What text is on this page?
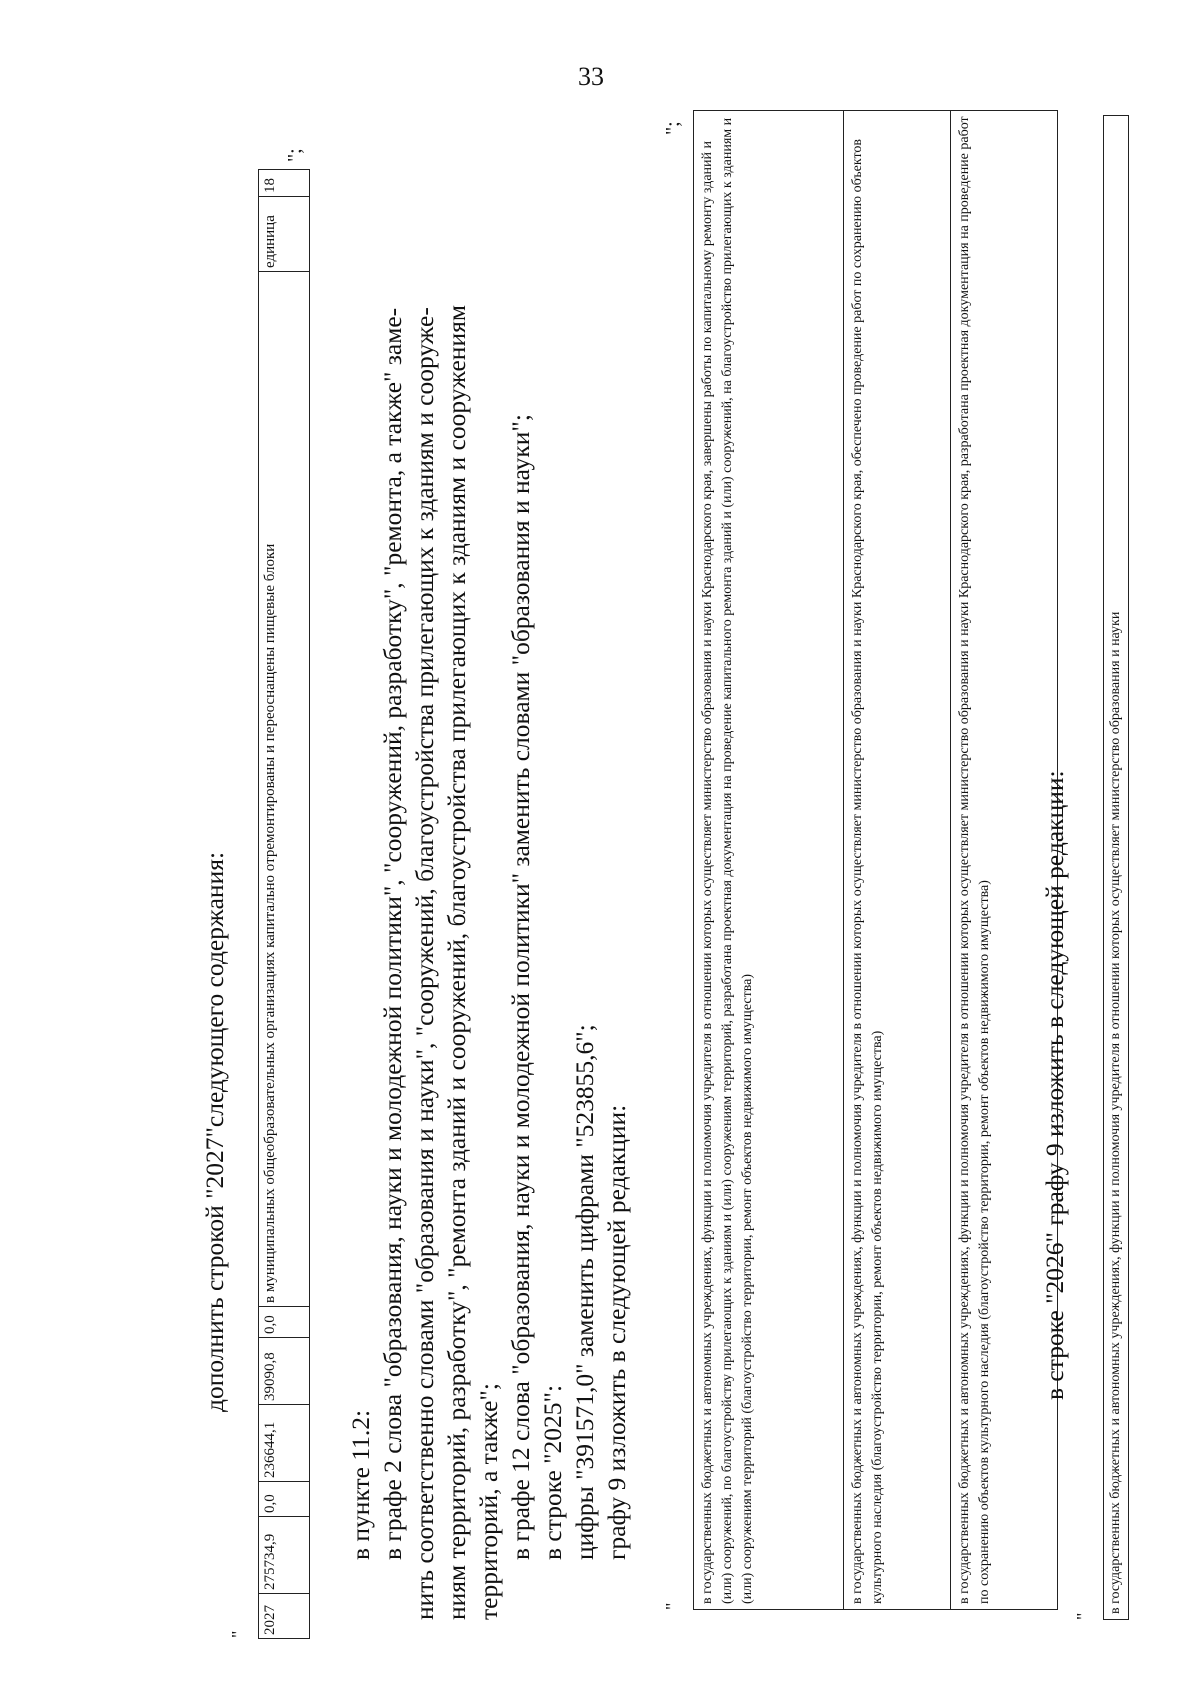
33
"
дополнить строкой "2027"следующего содержания:
2027	275734,9	0,0	236644,1	39090,8	0,0	в муниципальных общеобразовательных организациях капитально отремонтированы и переоснащены пищевые блоки	единица	18
";
в пункте 11.2: в графе 2 слова "образования, науки и молодежной политики", "сооружений, разработку", "ремонта, а также" заме- нить соответственно словами "образования и науки", "сооружений, благоустройства прилегающих к зданиям и сооруже- ниям территорий, разработку", "ремонта зданий и сооружений, благоустройства прилегающих к зданиям и сооружениям территорий, а также"; в графе 12 слова "образования, науки и молодежной политики" заменить словами "образования и науки"; в строке "2025": цифры "391571,0" заменить цифрами "523855,6"; графу 9 изложить в следующей редакции:
"
в государственных бюджетных и автономных учреждениях, функции и полномочия учредителя в отношении которых осуществляет министерство образования и науки Краснодарского края, завершены работы по капитальному ремонту зданий и (или) сооружений, по благоустройству прилегающих к зданиям и (или) сооружениям территорий, разработана проектная документация на проведение капитального ремонта зданий и (или) сооружений, на благоустройство прилегающих к зданиям и (или) сооружениям территорий (благоустройство территории, ремонт объектов недвижимого имущества)
в государственных бюджетных и автономных учреждениях, функции и полномочия учредителя в отношении которых осуществляет министерство образования и науки Краснодарского края, обеспечено проведение работ по сохранению объектов культурного наследия (благоустройство территории, ремонт объектов недвижимого имущества)
в государственных бюджетных и автономных учреждениях, функции и полномочия учредителя в отношении которых осуществляет министерство образования и науки Краснодарского края, разработана проектная документация на проведение работ по сохранению объектов культурного наследия (благоустройство территории, ремонт объектов недвижимого имущества)
";
в строке "2026" графу 9 изложить в следующей редакции:
"
в государственных бюджетных и автономных учреждениях, функции и полномочия учредителя в отношении которых осуществляет министерство образования и науки
